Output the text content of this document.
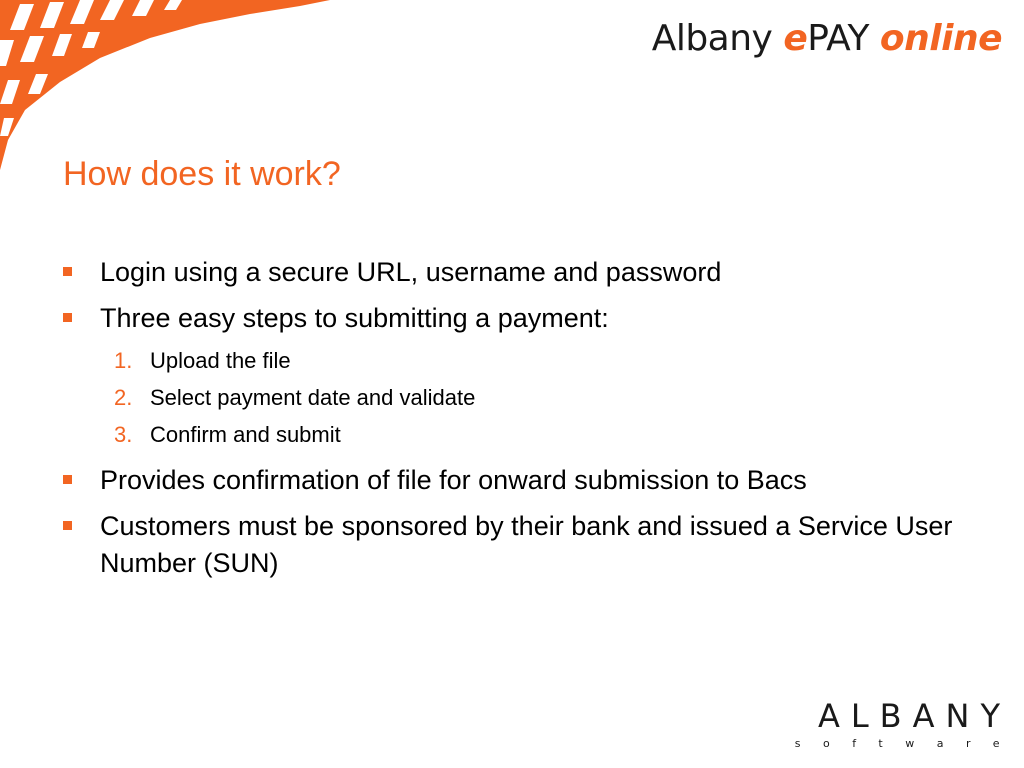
Albany ePAY online
How does it work?
Login using a secure URL, username and password
Three easy steps to submitting a payment:
1. Upload the file
2. Select payment date and validate
3. Confirm and submit
Provides confirmation of file for onward submission to Bacs
Customers must be sponsored by their bank and issued a Service User Number (SUN)
ALBANY
software
